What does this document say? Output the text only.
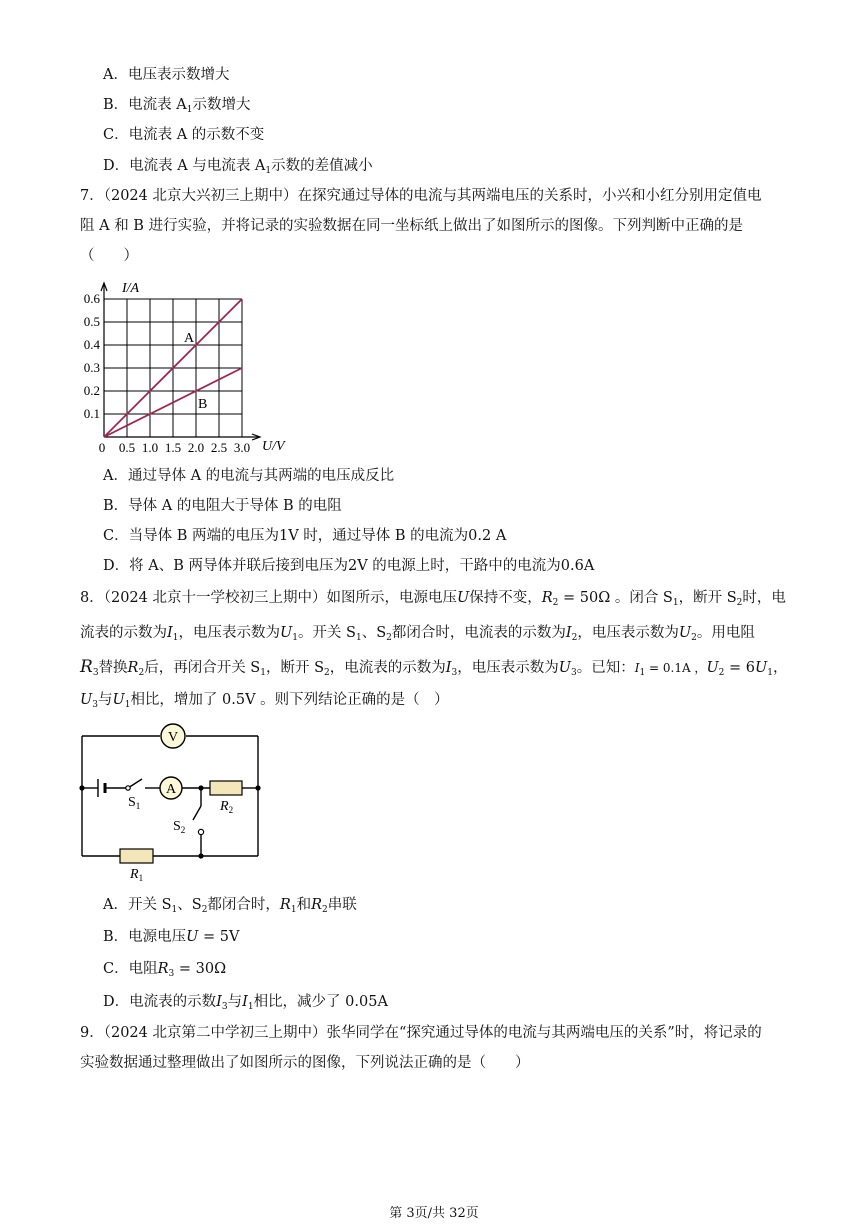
A．电压表示数增大
B．电流表 $A_1$示数增大
C．电流表 A 的示数不变
D．电流表 A 与电流表 $A_1$示数的差值减小
7．（2024 北京大兴初三上期中）在探究通过导体的电流与其两端电压的关系时，小兴和小红分别用定值电
阻 A 和 B 进行实验，并将记录的实验数据在同一坐标纸上做出了如图所示的图像。下列判断中正确的是
（　　）
0 0.5 1.0 1.5 2.0 2.5 3.0
0.1
0.2
0.3
0.4
0.5
0.6
I/A
U/V
A
B
A．通过导体 A 的电流与其两端的电压成反比
B．导体 A 的电阻大于导体 B 的电阻
C．当导体 B 两端的电压为1V 时，通过导体 B 的电流为0.2 A
D．将 A、B 两导体并联后接到电压为2V 的电源上时，干路中的电流为0.6A
8．（2024 北京十一学校初三上期中）如图所示，电源电压U保持不变，$R_2 = 50\Omega$ 。闭合 $S_1$，断开 $S_2$时，电
流表的示数为$I_1$，电压表示数为$U_1$。开关 $S_1$、$S_2$都闭合时，电流表的示数为$I_2$，电压表示数为$U_2$。用电阻
$R_3$替换$R_2$后，再闭合开关 $S_1$，断开 $S_2$，电流表的示数为$I_3$，电压表示数为$U_3$。已知：$I_1 = 0.1A$ ，$U_2 = 6U_1$，
$U_3$与$U_1$相比，增加了 0.5V 。则下列结论正确的是（　）
V
A
$S_1$	$R_2$
$S_2$
$R_1$
A．开关 $S_1$、$S_2$都闭合时，$R_1$和$R_2$串联
B．电源电压U = 5V
C．电阻$R_3 = 30\Omega$
D．电流表的示数$I_3$与$I_1$相比，减少了 0.05A
9．（2024 北京第二中学初三上期中）张华同学在“探究通过导体的电流与其两端电压的关系”时，将记录的
实验数据通过整理做出了如图所示的图像，下列说法正确的是（　　）
第 3页/共 32页
